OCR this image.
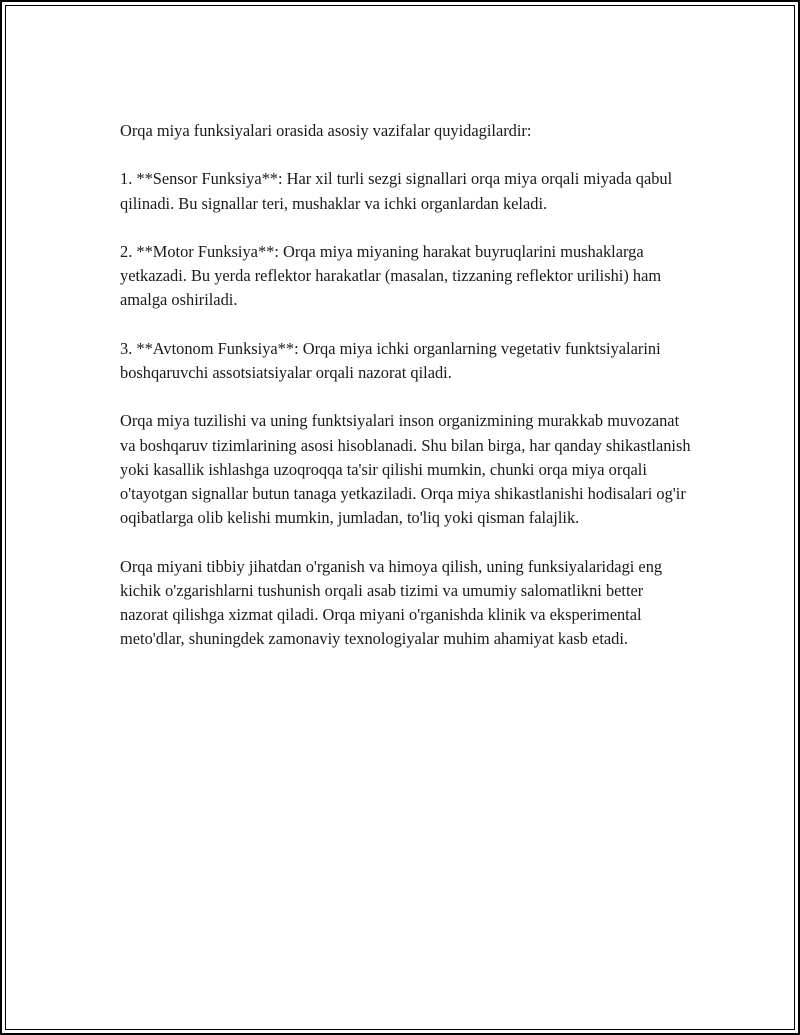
Orqa miya funksiyalari orasida asosiy vazifalar quyidagilardir:

1. **Sensor Funksiya**: Har xil turli sezgi signallari orqa miya orqali miyada qabul qilinadi. Bu signallar teri, mushaklar va ichki organlardan keladi.

2. **Motor Funksiya**: Orqa miya miyaning harakat buyruqlarini mushaklarga yetkazadi. Bu yerda reflektor harakatlar (masalan, tizzaning reflektor urilishi) ham amalga oshiriladi.

3. **Avtonom Funksiya**: Orqa miya ichki organlarning vegetativ funktsiyalarini boshqaruvchi assotsiatsiyalar orqali nazorat qiladi.

Orqa miya tuzilishi va uning funktsiyalari inson organizmining murakkab muvozanat va boshqaruv tizimlarining asosi hisoblanadi. Shu bilan birga, har qanday shikastlanish yoki kasallik ishlashga uzoqroqqa ta'sir qilishi mumkin, chunki orqa miya orqali o'tayotgan signallar butun tanaga yetkaziladi. Orqa miya shikastlanishi hodisalari og'ir oqibatlarga olib kelishi mumkin, jumladan, to'liq yoki qisman falajlik.

Orqa miyani tibbiy jihatdan o'rganish va himoya qilish, uning funksiyalaridagi eng kichik o'zgarishlarni tushunish orqali asab tizimi va umumiy salomatlikni better nazorat qilishga xizmat qiladi. Orqa miyani o'rganishda klinik va eksperimental meto'dlar, shuningdek zamonaviy texnologiyalar muhim ahamiyat kasb etadi.
